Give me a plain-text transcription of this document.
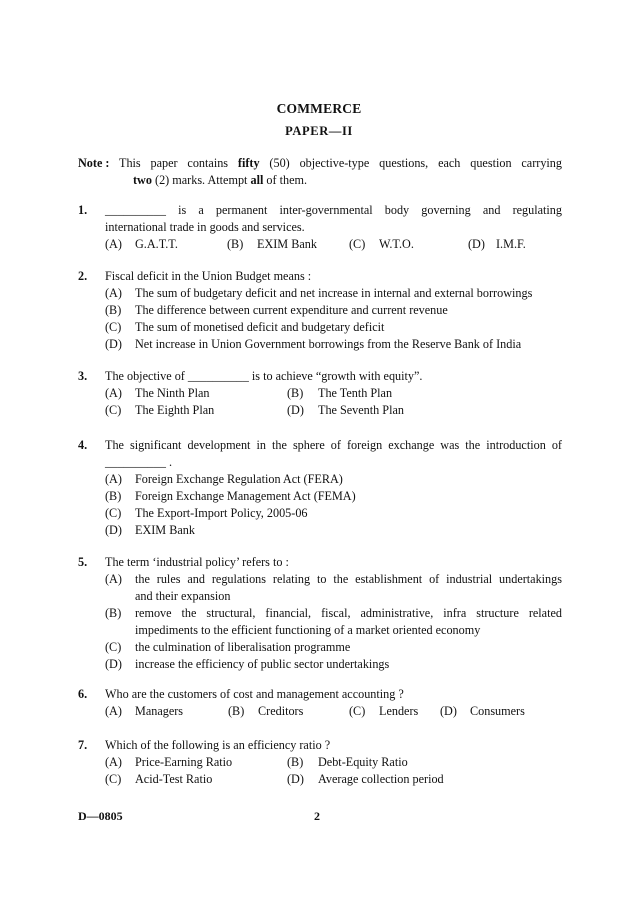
COMMERCE
PAPER—II
Note : This paper contains fifty (50) objective-type questions, each question carrying
two (2) marks. Attempt all of them.
1. __________ is a permanent inter-governmental body governing and regulating
international trade in goods and services.
(A) G.A.T.T.	(B) EXIM Bank	(C) W.T.O.	(D) I.M.F.
2. Fiscal deficit in the Union Budget means :
(A) The sum of budgetary deficit and net increase in internal and external borrowings
(B) The difference between current expenditure and current revenue
(C) The sum of monetised deficit and budgetary deficit
(D) Net increase in Union Government borrowings from the Reserve Bank of India
3. The objective of __________ is to achieve “growth with equity”.
(A) The Ninth Plan	(B) The Tenth Plan
(C) The Eighth Plan	(D) The Seventh Plan
4. The significant development in the sphere of foreign exchange was the introduction of
__________ .
(A) Foreign Exchange Regulation Act (FERA)
(B) Foreign Exchange Management Act (FEMA)
(C) The Export-Import Policy, 2005-06
(D) EXIM Bank
5. The term ‘industrial policy’ refers to :
(A) the rules and regulations relating to the establishment of industrial undertakings
and their expansion
(B) remove the structural, financial, fiscal, administrative, infra structure related
impediments to the efficient functioning of a market oriented economy
(C) the culmination of liberalisation programme
(D) increase the efficiency of public sector undertakings
6. Who are the customers of cost and management accounting ?
(A) Managers	(B) Creditors	(C) Lenders (D) Consumers
7. Which of the following is an efficiency ratio ?
(A) Price-Earning Ratio	(B) Debt-Equity Ratio
(C) Acid-Test Ratio	(D) Average collection period
D—0805	2
